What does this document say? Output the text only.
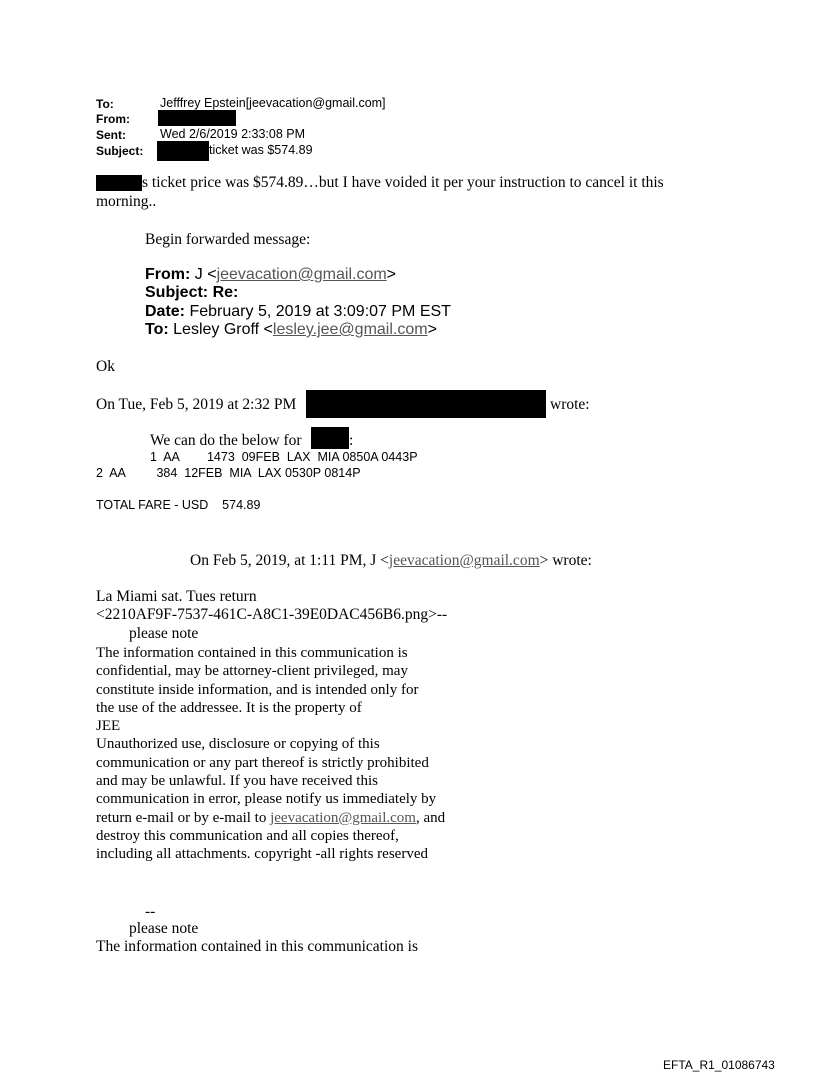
To:	Jefffrey Epstein[jeevacation@gmail.com]
From:
Sent:	Wed 2/6/2019 2:33:08 PM
Subject:	ticket was $574.89
s ticket price was $574.89…but I have voided it per your instruction to cancel it this
morning..
Begin forwarded message:
From: J <jeevacation@gmail.com>
Subject: Re:
Date: February 5, 2019 at 3:09:07 PM EST
To: Lesley Groff <lesley.jee@gmail.com>
Ok
On Tue, Feb 5, 2019 at 2:32 PM	wrote:
We can do the below for	:
1  AA        1473  09FEB  LAX  MIA 0850A 0443P
2  AA         384  12FEB  MIA  LAX 0530P 0814P
TOTAL FARE - USD    574.89
On Feb 5, 2019, at 1:11 PM, J <jeevacation@gmail.com> wrote:
La Miami sat. Tues return
<2210AF9F-7537-461C-A8C1-39E0DAC456B6.png>--
please note
The information contained in this communication is
confidential, may be attorney-client privileged, may
constitute inside information, and is intended only for
the use of the addressee. It is the property of
JEE
Unauthorized use, disclosure or copying of this
communication or any part thereof is strictly prohibited
and may be unlawful. If you have received this
communication in error, please notify us immediately by
return e-mail or by e-mail to jeevacation@gmail.com, and
destroy this communication and all copies thereof,
including all attachments. copyright -all rights reserved
--
please note
The information contained in this communication is
EFTA_R1_01086743
